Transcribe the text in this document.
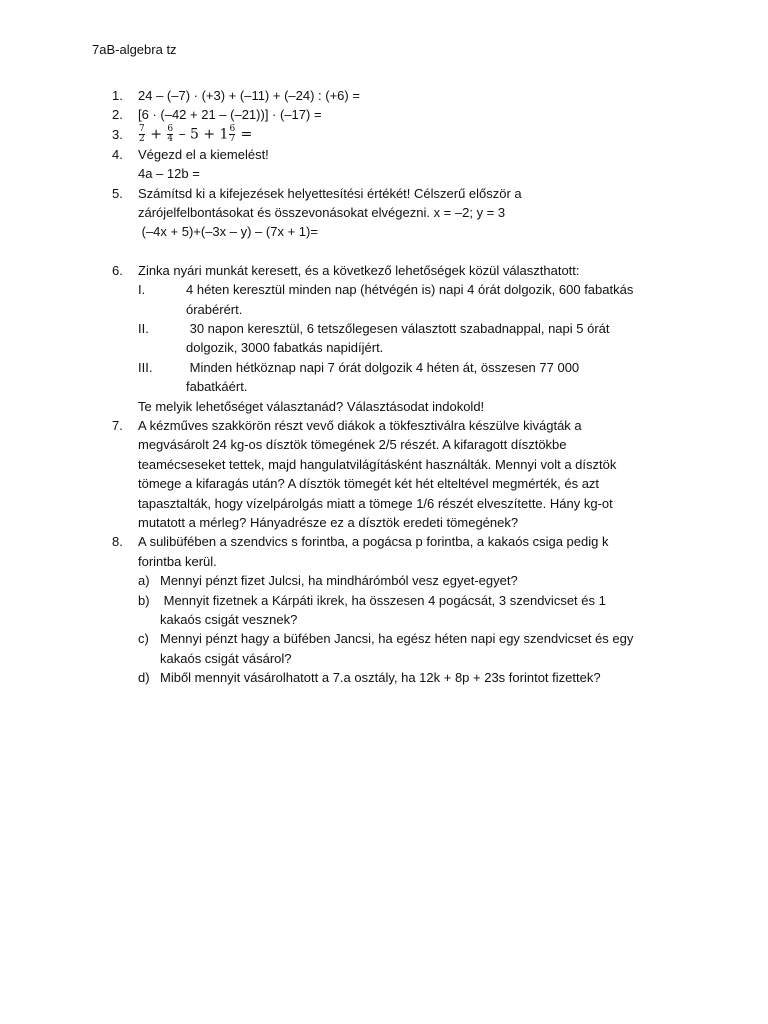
7aB-algebra tz
1. 24 – (–7) · (+3) + (–11) + (–24) : (+6) =
2. [6 · (–42 + 21 – (–21))] · (–17) =
3. $\frac{7}{2} + \frac{6}{4} - 5 + 1 \frac{6}{7}$ =
4. Végezd el a kiemelést!
4a – 12b =
5. Számítsd ki a kifejezések helyettesítési értékét! Célszerű először a
zárójelfelbontásokat és összevonásokat elvégezni. x = –2; y = 3
(–4x + 5)+(–3x – y) – (7x + 1)=
6. Zinka nyári munkát keresett, és a következő lehetőségek közül választhatott:
I.	4 héten keresztül minden nap (hétvégén is) napi 4 órát dolgozik, 600 fabatkás
órabérért.
II.	30 napon keresztül, 6 tetszőlegesen választott szabadnappal, napi 5 órát
dolgozik, 3000 fabatkás napidíjért.
III.	Minden hétköznap napi 7 órát dolgozik 4 héten át, összesen 77 000
fabatkáért.
Te melyik lehetőséget választanád? Választásodat indokold!
7. A kézműves szakkörön részt vevő diákok a tökfesztiválra készülve kivágták a
megvásárolt 24 kg-os dísztök tömegének 2/5 részét. A kifaragott dísztökbe
teamécseseket tettek, majd hangulatvilágításként használták. Mennyi volt a dísztök
tömege a kifaragás után? A dísztök tömegét két hét elteltével megmérték, és azt
tapasztalták, hogy vízelpárolgás miatt a tömege 1/6 részét elveszítette. Hány kg-ot
mutatott a mérleg? Hányadrésze ez a dísztök eredeti tömegének?
8. A sulibüfében a szendvics s forintba, a pogácsa p forintba, a kakaós csiga pedig k
forintba kerül.
a) Mennyi pénzt fizet Julcsi, ha mindhárómból vesz egyet-egyet?
b) Mennyit fizetnek a Kárpáti ikrek, ha összesen 4 pogácsát, 3 szendvicset és 1
kakaós csigát vesznek?
c) Mennyi pénzt hagy a büfében Jancsi, ha egész héten napi egy szendvicset és egy
kakaós csigát vásárol?
d) Miből mennyit vásárolhatott a 7.a osztály, ha 12k + 8p + 23s forintot fizettek?
